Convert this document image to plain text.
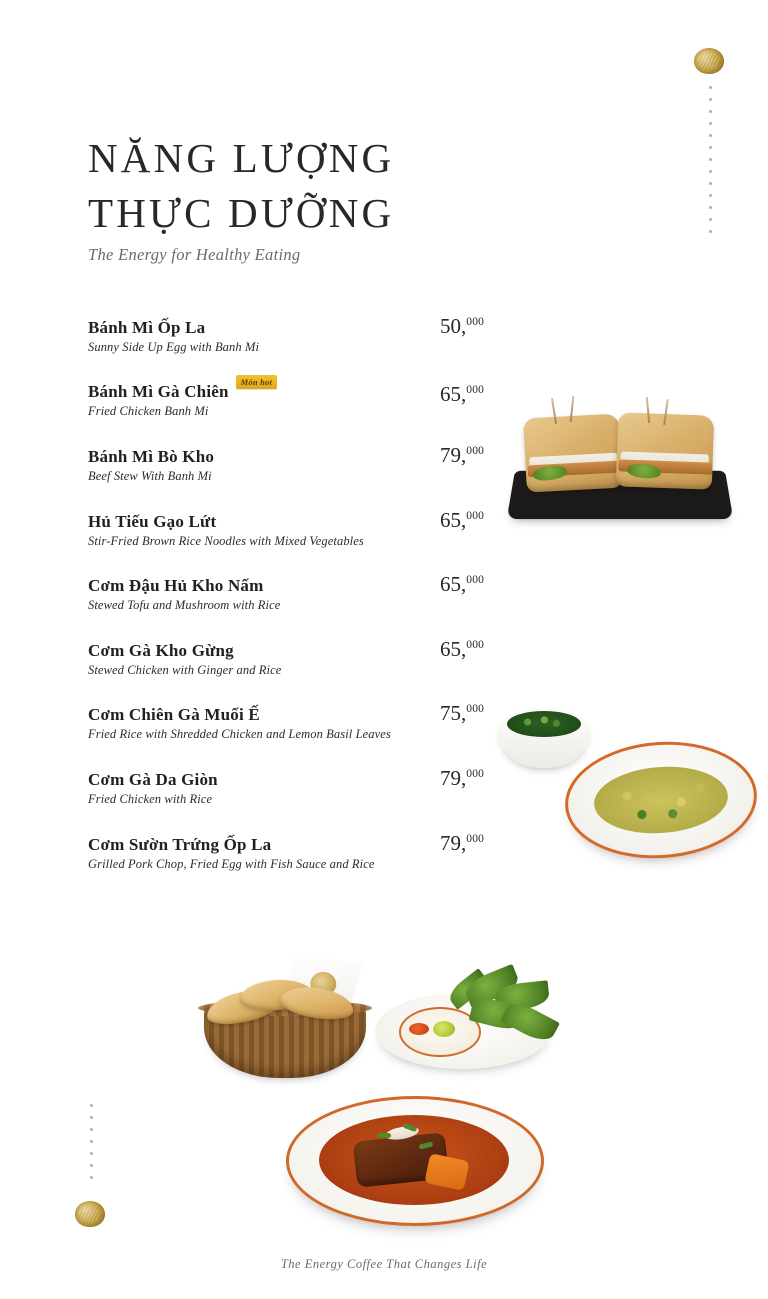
NĂNG LƯỢNG
THỰC DƯỠNG
The Energy for Healthy Eating
Bánh Mì Ốp La
Sunny Side Up Egg with Banh Mi
50,$^{000}$
Bánh Mì Gà Chiên	Món hot
Fried Chicken Banh Mi
65,$^{000}$
Bánh Mì Bò Kho
Beef Stew With Banh Mi
79,$^{000}$
Hủ Tiếu Gạo Lứt
Stir-Fried Brown Rice Noodles with Mixed Vegetables
65,$^{000}$
Cơm Đậu Hủ Kho Nấm
Stewed Tofu and Mushroom with Rice
65,$^{000}$
Cơm Gà Kho Gừng
Stewed Chicken with Ginger and Rice
65,$^{000}$
Cơm Chiên Gà Muối Ế
Fried Rice with Shredded Chicken and Lemon Basil Leaves
75,$^{000}$
Cơm Gà Da Giòn
Fried Chicken with Rice
79,$^{000}$
Cơm Sườn Trứng Ốp La
Grilled Pork Chop, Fried Egg with Fish Sauce and Rice
79,$^{000}$
The Energy Coffee That Changes Life
